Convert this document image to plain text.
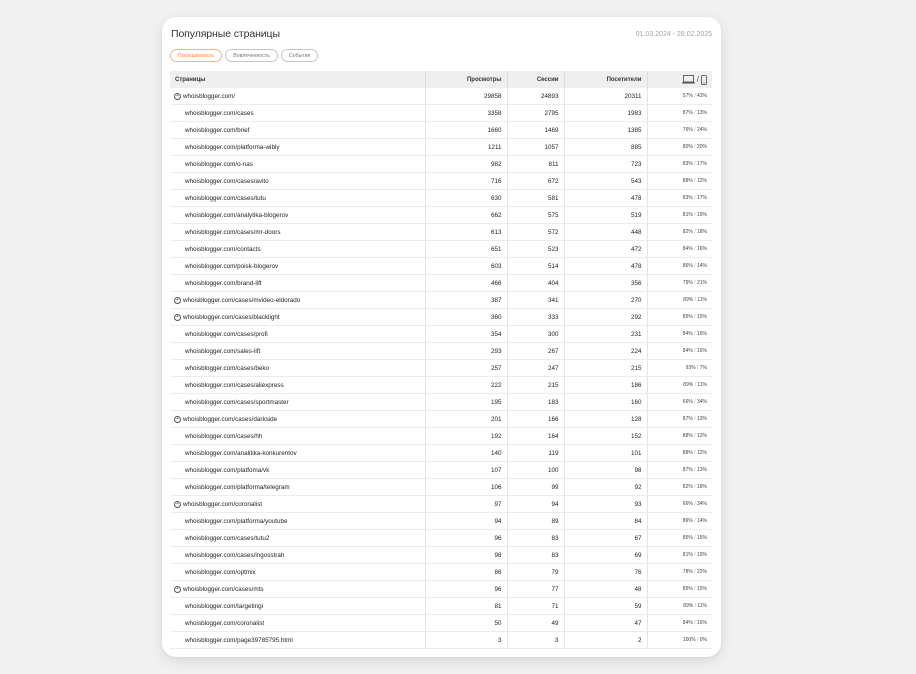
Популярные страницы	01.03.2024 - 28.02.2025
Посещаемость	Вовлеченность	События
Страницы	Просмотры	Сессии	Посетители	/

+ whoisblogger.com/	29858	24893	20311	57% / 43%

whoisblogger.com/cases	3358	2795	1983	87% / 13%

whoisblogger.com/brief	1660	1469	1385	76% / 24%

whoisblogger.com/platforma-wibly	1211	1057	885	80% / 20%

whoisblogger.com/o-nas	982	811	723	83% / 17%

whoisblogger.com/cases/avito	716	672	543	88% / 12%

whoisblogger.com/cases/tutu	630	581	478	83% / 17%

whoisblogger.com/analytika-blogerov	662	575	519	81% / 19%

whoisblogger.com/cases/mr-doors	613	572	448	82% / 18%

whoisblogger.com/contacts	651	523	472	84% / 16%

whoisblogger.com/poisk-blogerov	603	514	478	86% / 14%

whoisblogger.com/brand-lift	466	404	356	79% / 21%

+ whoisblogger.com/cases/mvideo-eldorado	387	341	270	89% / 11%

+ whoisblogger.com/cases/blacklight	360	333	292	85% / 15%

whoisblogger.com/cases/profi	354	300	231	84% / 16%

whoisblogger.com/sales-lift	293	267	224	84% / 16%

whoisblogger.com/cases/beko	257	247	215	93% / 7%

whoisblogger.com/cases/aliexpress	222	215	186	89% / 11%

whoisblogger.com/cases/sportmaster	195	183	160	66% / 34%

+ whoisblogger.com/cases/darkside	201	166	128	87% / 13%

whoisblogger.com/cases/hh	192	164	152	88% / 12%

whoisblogger.com/analitika-konkurentov	140	119	101	88% / 12%

whoisblogger.com/platfoma/vk	107	100	98	87% / 13%

whoisblogger.com/platforma/telegram	106	99	92	82% / 18%

+ whoisblogger.com/coronalist	97	94	93	66% / 34%

whoisblogger.com/platforma/youtube	94	89	84	86% / 14%

whoisblogger.com/cases/tutu2	96	83	67	85% / 15%

whoisblogger.com/cases/ingosstrah	98	83	69	81% / 19%

whoisblogger.com/optmix	86	79	76	78% / 22%

+ whoisblogger.com/cases/mts	96	77	48	85% / 15%

whoisblogger.com/targetingi	81	71	59	89% / 11%

whoisblogger.com/coronalist	50	49	47	84% / 16%

whoisblogger.com/page39785795.html	3	3	2	100% / 0%
